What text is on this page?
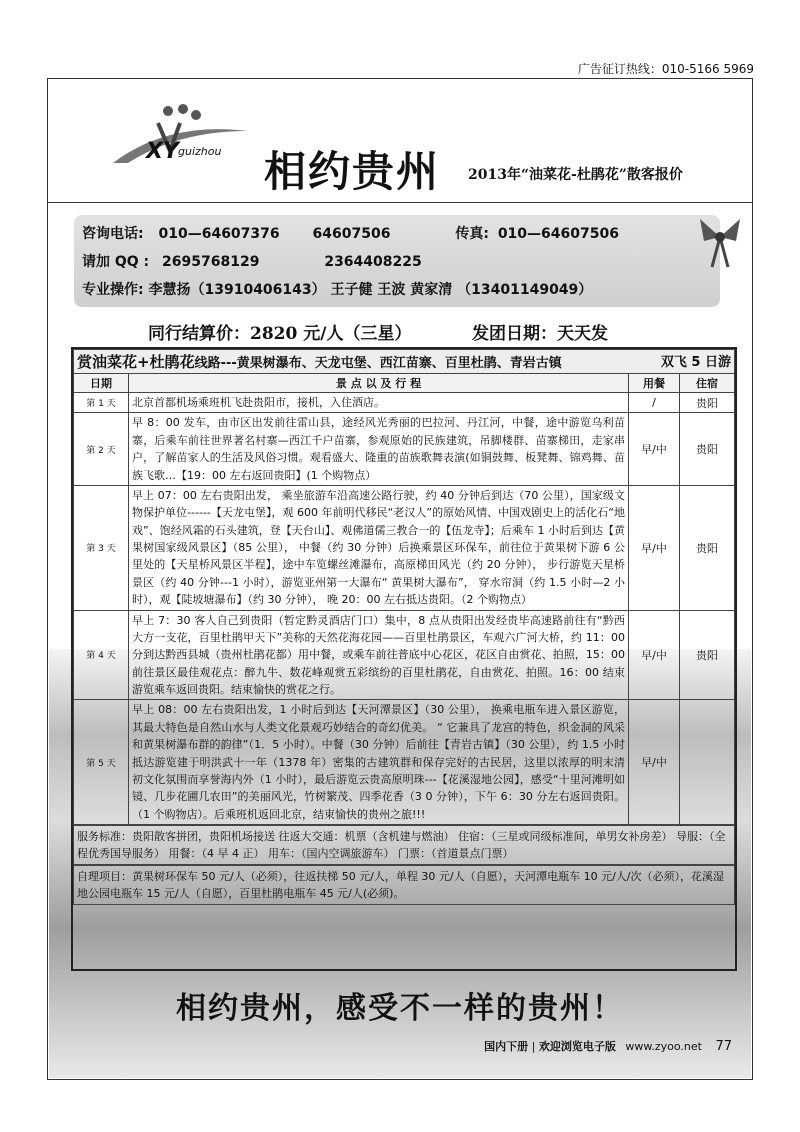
广告征订热线：010-5166 5969
XY guizhou 相约贵州 2013年“油菜花-杜鹃花”散客报价
咨询电话: 010—64607376 64607506	传真: 010—64607506
请加 QQ : 2695768129	2364408225
专业操作: 李慧扬（13910406143） 王子健 王波 黄家清 （13401149049）
同行结算价：2820 元/人（三星）	发团日期：天天发
赏油菜花+杜鹃花线路---黄果树瀑布、天龙屯堡、西江苗寨、百里杜鹃、青岩古镇 双飞 5 日游			

日期	景 点 以 及 行 程	用餐	住宿
第 1 天	北京首都机场乘班机飞赴贵阳市，接机，入住酒店。	/	贵阳
第 2 天	早 8：00 发车，由市区出发前往雷山县，途经风光秀丽的巴拉河、丹江河，中餐，途中游览乌利苗寨，后乘车前往世界著名村寨—西江千户苗寨，参观原始的民族建筑，吊脚楼群、苗寨梯田，走家串户，了解苗家人的生活及风俗习惯。观看盛大、隆重的苗族歌舞表演(如铜鼓舞、板凳舞、锦鸡舞、苗族飞歌…【19：00 左右返回贵阳】(1 个购物点）	早/中	贵阳
第 3 天	早上 07：00 左右贵阳出发， 乘坐旅游车沿高速公路行驶，约 40 分钟后到达（70 公里），国家级文物保护单位------【天龙屯堡】，观 600 年前明代移民“老汉人”的原始风情、中国戏剧史上的活化石“地戏”、饱经风霜的石头建筑，登【天台山】、观佛道儒三教合一的【伍龙寺】；后乘车 1 小时后到达【黄果树国家级风景区】（85 公里）， 中餐（约 30 分钟）后换乘景区环保车，前往位于黄果树下游 6 公里处的【天星桥风景区半程】，途中车览螺丝滩瀑布，高原梯田风光（约 20 分钟）， 步行游览天星桥景区（约 40 分钟---1 小时），游览亚州第一大瀑布“ 黄果树大瀑布”， 穿水帘洞（约 1.5 小时—2 小时），观【陡坡塘瀑布】（约 30 分钟）， 晚 20：00 左右抵达贵阳。（2 个购物点）	早/中	贵阳
第 4 天	早上 7：30 客人自己到贵阳（暂定黔灵酒店门口）集中，8 点从贵阳出发经贵毕高速路前往有“黔西大方一支花，百里杜鹃甲天下”美称的天然花海花园——百里杜鹃景区，车观六广河大桥，约 11：00 分到达黔西县城（贵州杜鹃花都）用中餐，或乘车前往普底中心花区，花区自由赏花、拍照，15：00 前往景区最佳观花点：醉九牛、数花峰观赏五彩缤纷的百里杜鹃花，自由赏花、拍照。16：00 结束游览乘车返回贵阳。结束愉快的赏花之行。	早/中	贵阳
第 5 天	早上 08：00 左右贵阳出发，1 小时后到达【天河潭景区】（30 公里）， 换乘电瓶车进入景区游览，其最大特色是自然山水与人类文化景观巧妙结合的奇幻优美。 “ 它兼具了龙宫的特色，织金洞的风采和黄果树瀑布群的韵律”（1．5 小时）。中餐（30 分钟）后前往【青岩古镇】（30 公里），约 1.5 小时抵达游览建于明洪武十一年（1378 年）密集的古建筑群和保存完好的古民居，这里以浓厚的明末清初文化氛围而享誉海内外（1 小时），最后游览云贵高原明珠---【花溪湿地公园】，感受“十里河滩明如镜、几步花圃几农田”的美丽风光，竹树繁茂、四季花香（3 0 分钟），下午 6：30 分左右返回贵阳。（1 个购物店）。后乘班机返回北京，结束愉快的贵州之旅!!!	早/中	
服务标准：贵阳散客拼团，贵阳机场接送 往返大交通：机票（含机建与燃油） 住宿：（三星或同级标准间，单男女补房差） 导服：（全程优秀国导服务） 用餐：（4 早 4 正） 用车：（国内空调旅游车） 门票：（首道景点门票）
自理项目：黄果树环保车 50 元/人（必须），往返扶梯 50 元/人，单程 30 元/人（自愿），天河潭电瓶车 10 元/人/次（必须），花溪湿地公园电瓶车 15 元/人（自愿），百里杜鹃电瓶车 45 元/人(必须)。
相约贵州，感受不一样的贵州！
国内下册 | 欢迎浏览电子版 www.zyoo.net 77
